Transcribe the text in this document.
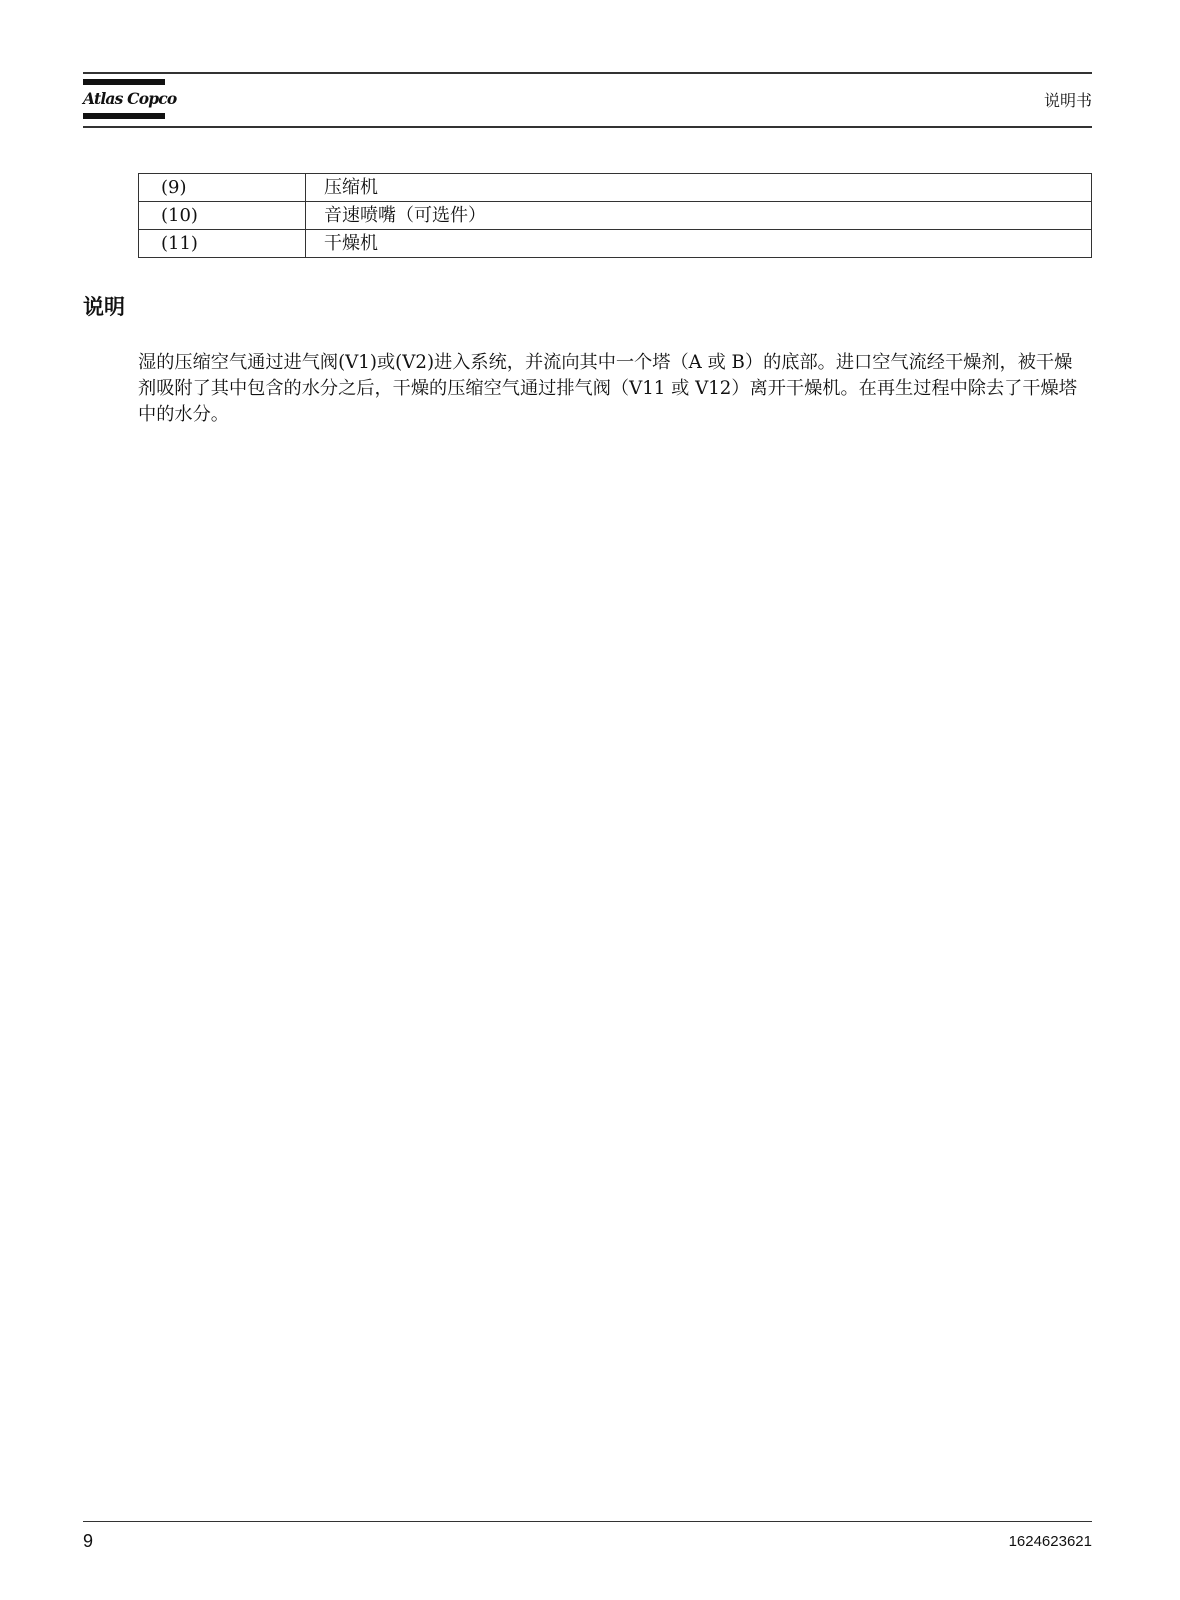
Atlas Copco	说明书
(9)	压缩机
(10)	音速喷嘴（可选件）
(11)	干燥机
说明

湿的压缩空气通过进气阀(V1)或(V2)进入系统，并流向其中一个塔（A 或 B）的底部。进口空气流经干燥剂，被干燥剂吸附了其中包含的水分之后，干燥的压缩空气通过排气阀（V11 或 V12）离开干燥机。在再生过程中除去了干燥塔中的水分。

9	1624623621
